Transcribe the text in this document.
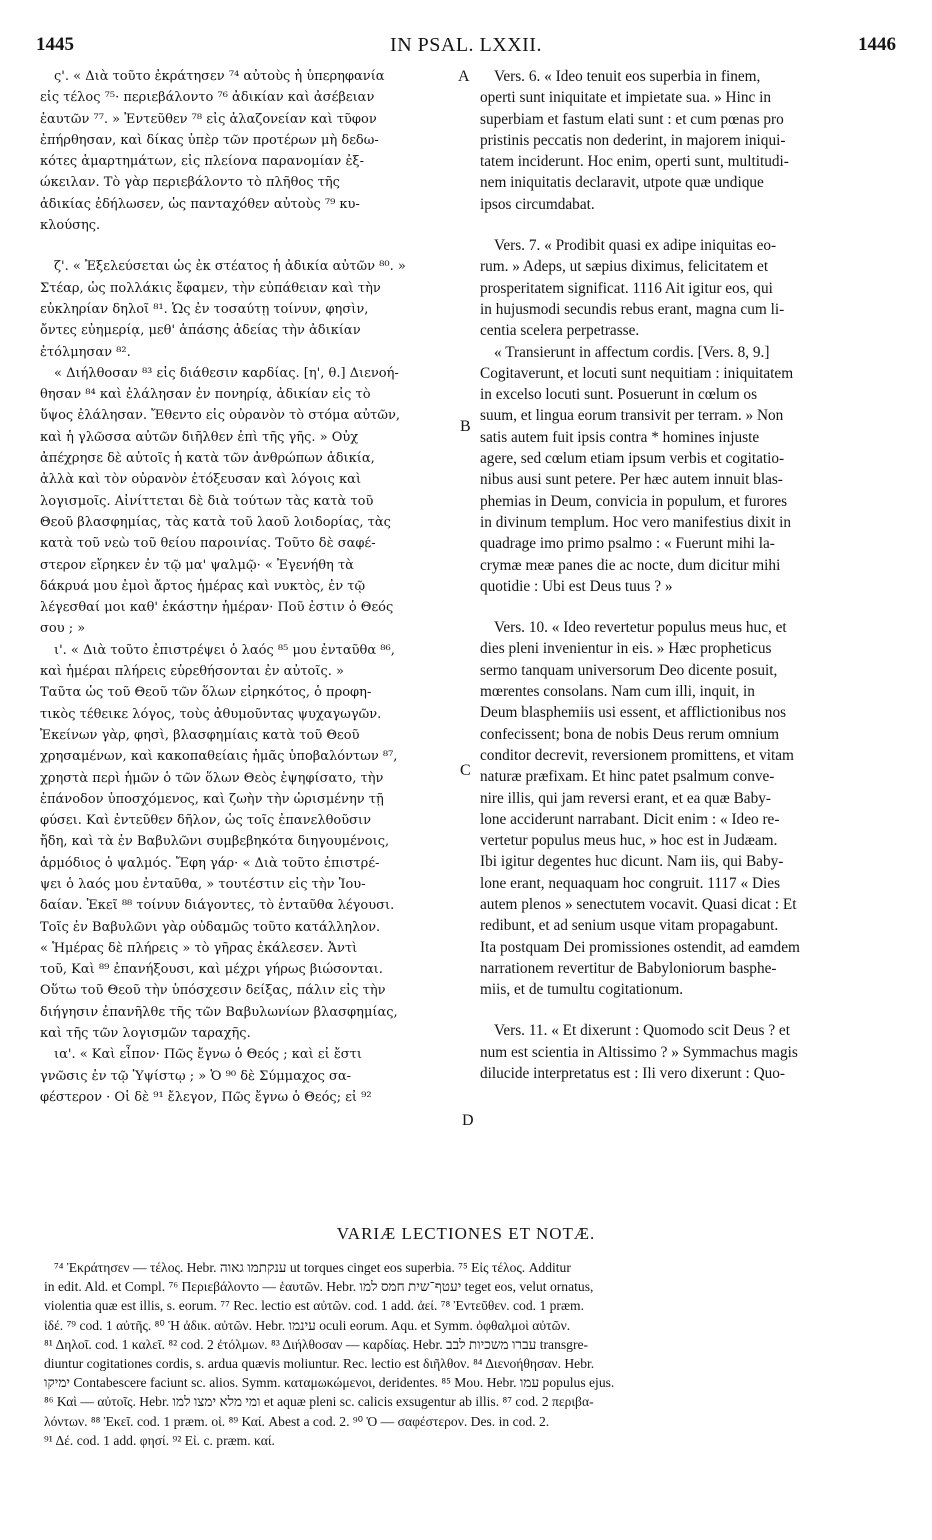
1445	IN PSAL. LXXII.	1446
ς'. « Διὰ τοῦτο ἐκράτησεν ⁷⁴ αὐτοὺς ἡ ὑπερηφανία
εἰς τέλος ⁷⁵· περιεβάλοντο ⁷⁶ ἀδικίαν καὶ ἀσέβειαν
ἑαυτῶν ⁷⁷. » Ἐντεῦθεν ⁷⁸ εἰς ἀλαζονείαν καὶ τῦφον
ἐπήρθησαν, καὶ δίκας ὑπὲρ τῶν προτέρων μὴ δεδω-
κότες ἁμαρτημάτων, εἰς πλείονα παρανομίαν ἐξ-
ώκειλαν. Τὸ γὰρ περιεβάλοντο τὸ πλῆθος τῆς
ἀδικίας ἐδήλωσεν, ὡς πανταχόθεν αὐτοὺς ⁷⁹ κυ-
κλούσης.
ζ'. « Ἐξελεύσεται ὡς ἐκ στέατος ἡ ἀδικία αὐτῶν ⁸⁰. »
Στέαρ, ὡς πολλάκις ἔφαμεν, τὴν εὐπάθειαν καὶ τὴν
εὐκληρίαν δηλοῖ ⁸¹. Ὡς ἐν τοσαύτῃ τοίνυν, φησὶν,
ὄντες εὐημερίᾳ, μεθ' ἁπάσης ἀδείας τὴν ἀδικίαν
ἐτόλμησαν ⁸².
« Διήλθοσαν ⁸³ εἰς διάθεσιν καρδίας. [η', θ.] Διενοή-
θησαν ⁸⁴ καὶ ἐλάλησαν ἐν πονηρίᾳ, ἀδικίαν εἰς τὸ
ὕψος ἐλάλησαν. Ἔθεντο εἰς οὐρανὸν τὸ στόμα αὐτῶν,
καὶ ἡ γλῶσσα αὐτῶν διῆλθεν ἐπὶ τῆς γῆς. » Οὐχ
ἀπέχρησε δὲ αὐτοῖς ἡ κατὰ τῶν ἀνθρώπων ἀδικία,
ἀλλὰ καὶ τὸν οὐρανὸν ἐτόξευσαν καὶ λόγοις καὶ
λογισμοῖς. Αἰνίττεται δὲ διὰ τούτων τὰς κατὰ τοῦ
Θεοῦ βλασφημίας, τὰς κατὰ τοῦ λαοῦ λοιδορίας, τὰς
κατὰ τοῦ νεὼ τοῦ θείου παροινίας. Τοῦτο δὲ σαφέ-
στερον εἴρηκεν ἐν τῷ μα' ψαλμῷ· « Ἐγενήθη τὰ
δάκρυά μου ἐμοὶ ἄρτος ἡμέρας καὶ νυκτὸς, ἐν τῷ
λέγεσθαί μοι καθ' ἑκάστην ἡμέραν· Ποῦ ἐστιν ὁ Θεός
σου ; »
ι'. « Διὰ τοῦτο ἐπιστρέψει ὁ λαός ⁸⁵ μου ἐνταῦθα ⁸⁶,
καὶ ἡμέραι πλήρεις εὑρεθήσονται ἐν αὐτοῖς. »
Ταῦτα ὡς τοῦ Θεοῦ τῶν ὅλων εἰρηκότος, ὁ προφη-
τικὸς τέθεικε λόγος, τοὺς ἀθυμοῦντας ψυχαγωγῶν.
Ἐκείνων γὰρ, φησὶ, βλασφημίαις κατὰ τοῦ Θεοῦ
χρησαμένων, καὶ κακοπαθείαις ἡμᾶς ὑποβαλόντων ⁸⁷,
χρηστὰ περὶ ἡμῶν ὁ τῶν ὅλων Θεὸς ἐψηφίσατο, τὴν
ἐπάνοδον ὑποσχόμενος, καὶ ζωὴν τὴν ὡρισμένην τῇ
φύσει. Καὶ ἐντεῦθεν δῆλον, ὡς τοῖς ἐπανελθοῦσιν
ἤδη, καὶ τὰ ἐν Βαβυλῶνι συμβεβηκότα διηγουμένοις,
ἁρμόδιος ὁ ψαλμός. Ἔφη γάρ· « Διὰ τοῦτο ἐπιστρέ-
ψει ὁ λαός μου ἐνταῦθα, » τουτέστιν εἰς τὴν Ἰου-
δαίαν. Ἐκεῖ ⁸⁸ τοίνυν διάγοντες, τὸ ἐνταῦθα λέγουσι.
Τοῖς ἐν Βαβυλῶνι γὰρ οὐδαμῶς τοῦτο κατάλληλον.
« Ἡμέρας δὲ πλήρεις » τὸ γῆρας ἐκάλεσεν. Ἀντὶ
τοῦ, Καὶ ⁸⁹ ἐπανήξουσι, καὶ μέχρι γήρως βιώσονται.
Οὕτω τοῦ Θεοῦ τὴν ὑπόσχεσιν δείξας, πάλιν εἰς τὴν
διήγησιν ἐπανῆλθε τῆς τῶν Βαβυλωνίων βλασφημίας,
καὶ τῆς τῶν λογισμῶν ταραχῆς.
ια'. « Καὶ εἶπον· Πῶς ἔγνω ὁ Θεός ; καὶ εἰ ἔστι
γνῶσις ἐν τῷ Ὑψίστῳ ; » Ὁ ⁹⁰ δὲ Σύμμαχος σα-
φέστερον · Οἱ δὲ ⁹¹ ἔλεγον, Πῶς ἔγνω ὁ Θεός; εἰ ⁹²
Vers. 6. « Ideo tenuit eos superbia in finem,
operti sunt iniquitate et impietate sua. » Hinc in
superbiam et fastum elati sunt : et cum pœnas pro
pristinis peccatis non dederint, in majorem iniqui-
tatem inciderunt. Hoc enim, operti sunt, multitudi-
nem iniquitatis declaravit, utpote quæ undique
ipsos circumdabat.
Vers. 7. « Prodibit quasi ex adipe iniquitas eo-
rum. » Adeps, ut sæpius diximus, felicitatem et
prosperitatem significat. 1116 Ait igitur eos, qui
in hujusmodi secundis rebus erant, magna cum li-
centia scelera perpetrasse.
« Transierunt in affectum cordis. [Vers. 8, 9.]
Cogitaverunt, et locuti sunt nequitiam : iniquitatem
in excelso locuti sunt. Posuerunt in cœlum os
suum, et lingua eorum transivit per terram. » Non
satis autem fuit ipsis contra * homines injuste
agere, sed cœlum etiam ipsum verbis et cogitatio-
nibus ausi sunt petere. Per hæc autem innuit blas-
phemias in Deum, convicia in populum, et furores
in divinum templum. Hoc vero manifestius dixit in
quadrage imo primo psalmo : « Fuerunt mihi la-
crymæ meæ panes die ac nocte, dum dicitur mihi
quotidie : Ubi est Deus tuus ? »
Vers. 10. « Ideo revertetur populus meus huc, et
dies pleni invenientur in eis. » Hæc propheticus
sermo tanquam universorum Deo dicente posuit,
mœrentes consolans. Nam cum illi, inquit, in
Deum blasphemiis usi essent, et afflictionibus nos
confecissent; bona de nobis Deus rerum omnium
conditor decrevit, reversionem promittens, et vitam
naturæ præfixam. Et hinc patet psalmum conve-
nire illis, qui jam reversi erant, et ea quæ Baby-
lone acciderunt narrabant. Dicit enim : « Ideo re-
vertetur populus meus huc, » hoc est in Judæam.
Ibi igitur degentes huc dicunt. Nam iis, qui Baby-
lone erant, nequaquam hoc congruit. 1117 « Dies
autem plenos » senectutem vocavit. Quasi dicat : Et
redibunt, et ad senium usque vitam propagabunt.
Ita postquam Dei promissiones ostendit, ad eamdem
narrationem revertitur de Babyloniorum basphe-
miis, et de tumultu cogitationum.
Vers. 11. « Et dixerunt : Quomodo scit Deus ? et
num est scientia in Altissimo ? » Symmachus magis
dilucide interpretatus est : Ili vero dixerunt : Quo-
A
B
C
D
VARIÆ LECTIONES ET NOTÆ.
⁷⁴ Ἐκράτησεν — τέλος. Hebr. ענקתמו גאוה ut torques cinget eos superbia. ⁷⁵ Εἰς τέλος. Additur
in edit. Ald. et Compl. ⁷⁶ Περιεβάλοντο — ἑαυτῶν. Hebr. יעטף־שית חמס למו teget eos, velut ornatus,
violentia quæ est illis, s. eorum. ⁷⁷ Rec. lectio est αὐτῶν. cod. 1 add. ἀεί. ⁷⁸ Ἐντεῦθεν. cod. 1 præm.
ἰδέ. ⁷⁹ cod. 1 αὐτῆς. ⁸⁰ Ἡ ἀδικ. αὐτῶν. Hebr. עינמו oculi eorum. Aqu. et Symm. ὀφθαλμοὶ αὐτῶν.
⁸¹ Δηλοῖ. cod. 1 καλεῖ. ⁸² cod. 2 ἐτόλμων. ⁸³ Διήλθοσαν — καρδίας. Hebr. עברו משכיות לבב transgre-
diuntur cogitationes cordis, s. ardua quævis moliuntur. Rec. lectio est διῆλθον. ⁸⁴ Διενοήθησαν. Hebr.
ימיקו Contabescere faciunt sc. alios. Symm. καταμωκώμενοι, deridentes. ⁸⁵ Μου. Hebr. עמו populus ejus.
⁸⁶ Καὶ — αὐτοῖς. Hebr. ומי מלא ימצו למו et aquæ pleni sc. calicis exsugentur ab illis. ⁸⁷ cod. 2 περιβα-
λόντων. ⁸⁸ Ἐκεῖ. cod. 1 præm. οἱ. ⁸⁹ Καί. Abest a cod. 2. ⁹⁰ Ὁ — σαφέστερον. Des. in cod. 2.
⁹¹ Δέ. cod. 1 add. φησί. ⁹² Εἰ. c. præm. καί.
